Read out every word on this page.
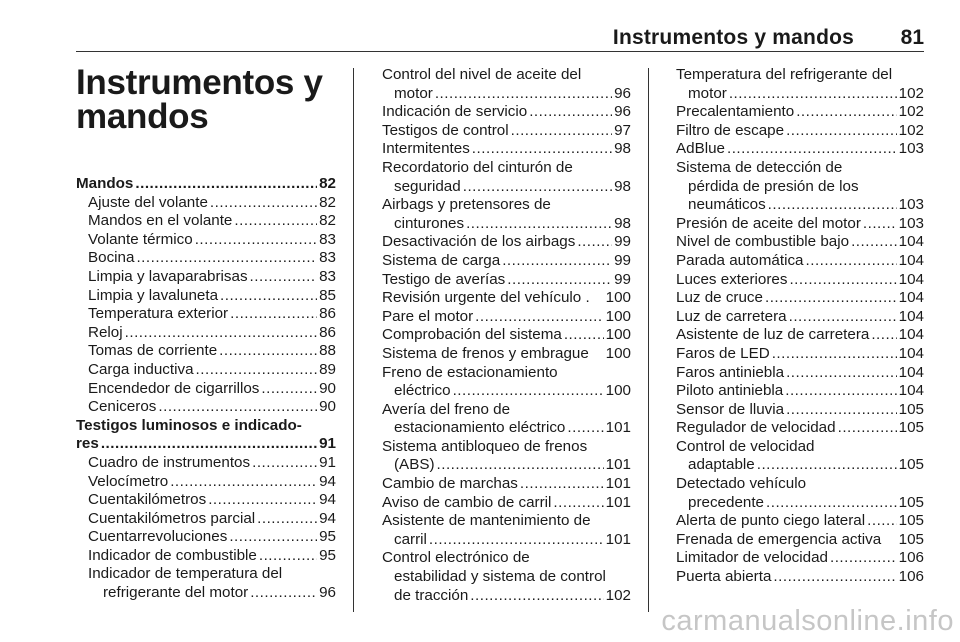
Instrumentos y mandos 81
Instrumentos y
mandos
Mandos .....	82
Ajuste del volante .....	82
Mandos en el volante .....	82
Volante térmico .....	83
Bocina .....	83
Limpia y lavaparabrisas .....	83
Limpia y lavaluneta .....	85
Temperatura exterior .....	86
Reloj .....	86
Tomas de corriente .....	88
Carga inductiva .....	89
Encendedor de cigarrillos .....	90
Ceniceros .....	90
Testigos luminosos e indicado-
res .....	91
Cuadro de instrumentos .....	91
Velocímetro .....	94
Cuentakilómetros .....	94
Cuentakilómetros parcial .....	94
Cuentarrevoluciones .....	95
Indicador de combustible .....	95
Indicador de temperatura del
refrigerante del motor .....	96
Control del nivel de aceite del
motor .....	96
Indicación de servicio .....	96
Testigos de control .....	97
Intermitentes .....	98
Recordatorio del cinturón de
seguridad .....	98
Airbags y pretensores de
cinturones .....	98
Desactivación de los airbags .....	99
Sistema de carga .....	99
Testigo de averías .....	99
Revisión urgente del vehículo . 100
Pare el motor .....	100
Comprobación del sistema .....	100
Sistema de frenos y embrague 100
Freno de estacionamiento
eléctrico .....	100
Avería del freno de
estacionamiento eléctrico .....	101
Sistema antibloqueo de frenos
(ABS) .....	101
Cambio de marchas .....	101
Aviso de cambio de carril .....	101
Asistente de mantenimiento de
carril .....	101
Control electrónico de
estabilidad y sistema de control
de tracción .....	102
Temperatura del refrigerante del
motor .....	102
Precalentamiento .....	102
Filtro de escape .....	102
AdBlue .....	103
Sistema de detección de
pérdida de presión de los
neumáticos .....	103
Presión de aceite del motor ..... 103
Nivel de combustible bajo .....	104
Parada automática .....	104
Luces exteriores .....	104
Luz de cruce .....	104
Luz de carretera .....	104
Asistente de luz de carretera ..... 104
Faros de LED .....	104
Faros antiniebla .....	104
Piloto antiniebla .....	104
Sensor de lluvia .....	105
Regulador de velocidad .....	105
Control de velocidad
adaptable .....	105
Detectado vehículo
precedente .....	105
Alerta de punto ciego lateral ..... 105
Frenada de emergencia activa 105
Limitador de velocidad .....	106
Puerta abierta .....	106
carmanualsonline.info
